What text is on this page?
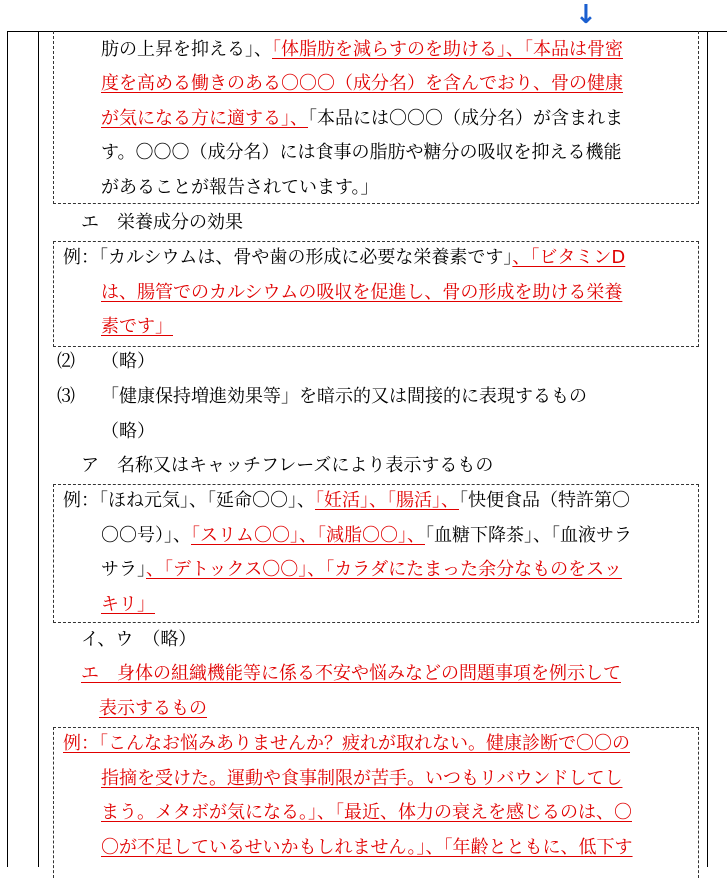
↓
肪の上昇を抑える」、「体脂肪を減らすのを助ける」、「本品は骨密
度を高める働きのある〇〇〇（成分名）を含んでおり、骨の健康
が気になる方に適する」、「本品には〇〇〇（成分名）が含まれま
す。〇〇〇（成分名）には食事の脂肪や糖分の吸収を抑える機能
があることが報告されています。」
エ　栄養成分の効果
例：「カルシウムは、骨や歯の形成に必要な栄養素です」、「ビタミンD
は、腸管でのカルシウムの吸収を促進し、骨の形成を助ける栄養
素です」
⑵ （略）
⑶ 「健康保持増進効果等」を暗示的又は間接的に表現するもの
（略）
ア　名称又はキャッチフレーズにより表示するもの
例：「ほね元気」、「延命〇〇」、「妊活」、「腸活」、「快便食品（特許第〇
〇〇号）」、「スリム〇〇」、「減脂〇〇」、「血糖下降茶」、「血液サラ
サラ」、「デトックス〇〇」、「カラダにたまった余分なものをスッ
キリ」
イ、ウ　（略）
エ　身体の組織機能等に係る不安や悩みなどの問題事項を例示して
表示するもの
例：「こんなお悩みありませんか？疲れが取れない。健康診断で〇〇の
指摘を受けた。運動や食事制限が苦手。いつもリバウンドしてし
まう。メタボが気になる。」、「最近、体力の衰えを感じるのは、〇
〇が不足しているせいかもしれません。」、「年齢とともに、低下す
